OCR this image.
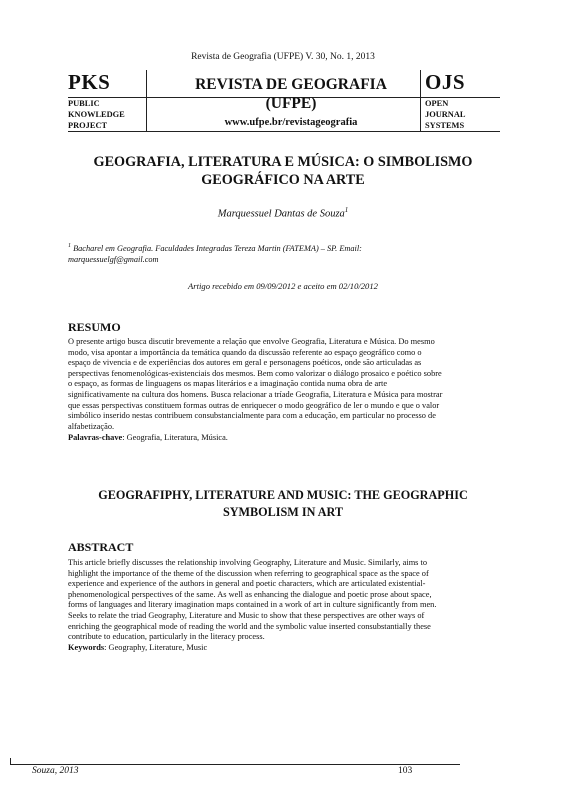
Revista de Geografia (UFPE) V. 30, No. 1, 2013
PKS
PUBLIC
KNOWLEDGE
PROJECT
REVISTA DE GEOGRAFIA
(UFPE)
www.ufpe.br/revistageografia
OJS
OPEN
JOURNAL
SYSTEMS
GEOGRAFIA, LITERATURA E MÚSICA: O SIMBOLISMO
GEOGRÁFICO NA ARTE
Marquessuel Dantas de Souza$^1$
$^1$ Bacharel em Geografia. Faculdades Integradas Tereza Martin (FATEMA) – SP. Email:
marquessuelgf@gmail.com
Artigo recebido em 09/09/2012 e aceito em 02/10/2012
RESUMO
O presente artigo busca discutir brevemente a relação que envolve Geografia, Literatura e Música. Do mesmo
modo, visa apontar a importância da temática quando da discussão referente ao espaço geográfico como o
espaço de vivencia e de experiências dos autores em geral e personagens poéticos, onde são articuladas as
perspectivas fenomenológicas-existenciais dos mesmos. Bem como valorizar o diálogo prosaico e poético sobre
o espaço, as formas de linguagens os mapas literários e a imaginação contida numa obra de arte
significativamente na cultura dos homens. Busca relacionar a tríade Geografia, Literatura e Música para mostrar
que essas perspectivas constituem formas outras de enriquecer o modo geográfico de ler o mundo e que o valor
simbólico inserido nestas contribuem consubstancialmente para com a educação, em particular no processo de
alfabetização.
Palavras-chave: Geografia, Literatura, Música.
GEOGRAFIPHY, LITERATURE AND MUSIC: THE GEOGRAPHIC
SYMBOLISM IN ART
ABSTRACT
This article briefly discusses the relationship involving Geography, Literature and Music. Similarly, aims to
highlight the importance of the theme of the discussion when referring to geographical space as the space of
experience and experience of the authors in general and poetic characters, which are articulated existential-
phenomenological perspectives of the same. As well as enhancing the dialogue and poetic prose about space,
forms of languages and literary imagination maps contained in a work of art in culture significantly from men.
Seeks to relate the triad Geography, Literature and Music to show that these perspectives are other ways of
enriching the geographical mode of reading the world and the symbolic value inserted consubstantially these
contribute to education, particularly in the literacy process.
Keywords: Geography, Literature, Music
Souza, 2013	103
